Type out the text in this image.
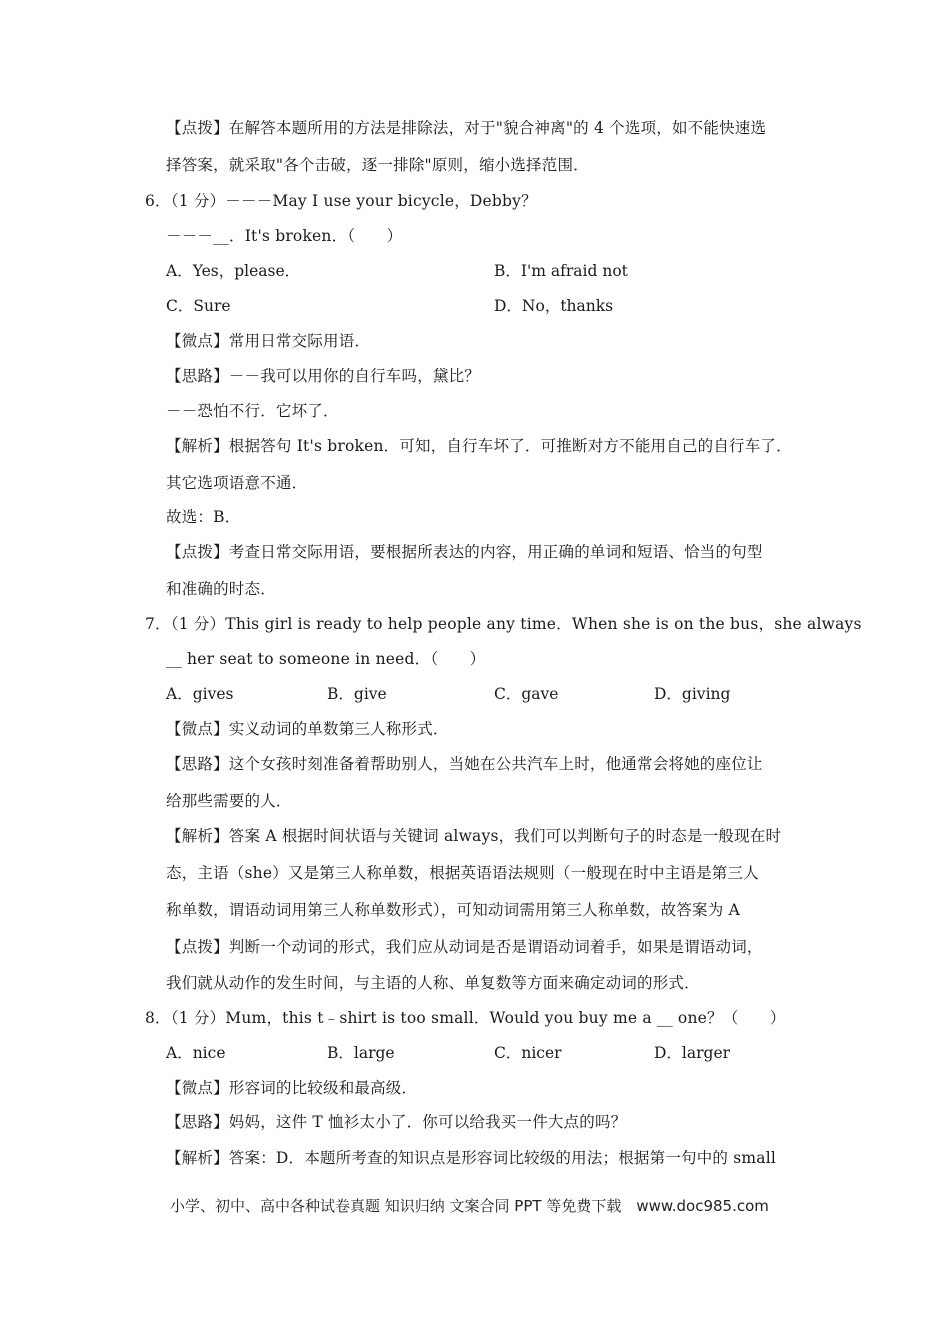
【点拨】在解答本题所用的方法是排除法，对于"貌合神离"的 4 个选项，如不能快速选
择答案，就采取"各个击破，逐一排除"原则，缩小选择范围．
6．（1 分）－－－May I use your bicycle，Debby？
－－－__．It's broken．（　　）
A．Yes，please．	B．I'm afraid not
C．Sure	D．No，thanks
【微点】常用日常交际用语．
【思路】－－我可以用你的自行车吗，黛比？
－－恐怕不行．它坏了．
【解析】根据答句 It's broken．可知，自行车坏了．可推断对方不能用自己的自行车了．
其它选项语意不通．
故选：B．
【点拨】考查日常交际用语，要根据所表达的内容，用正确的单词和短语、恰当的句型
和准确的时态．
7．（1 分）This girl is ready to help people any time．When she is on the bus，she always
__ her seat to someone in need．（　　）
A．gives	B．give	C．gave	D．giving
【微点】实义动词的单数第三人称形式．
【思路】这个女孩时刻准备着帮助别人，当她在公共汽车上时，他通常会将她的座位让
给那些需要的人．
【解析】答案 A 根据时间状语与关键词 always，我们可以判断句子的时态是一般现在时
态，主语（she）又是第三人称单数，根据英语语法规则（一般现在时中主语是第三人
称单数，谓语动词用第三人称单数形式），可知动词需用第三人称单数，故答案为 A
【点拨】判断一个动词的形式，我们应从动词是否是谓语动词着手，如果是谓语动词，
我们就从动作的发生时间，与主语的人称、单复数等方面来确定动词的形式．
8．（1 分）Mum，this t﹣shirt is too small．Would you buy me a __ one？（　　）
A．nice	B．large	C．nicer	D．larger
【微点】形容词的比较级和最高级．
【思路】妈妈，这件 T 恤衫太小了．你可以给我买一件大点的吗？
【解析】答案：D．本题所考查的知识点是形容词比较级的用法；根据第一句中的 small
小学、初中、高中各种试卷真题 知识归纳 文案合同 PPT 等免费下载　www.doc985.com
